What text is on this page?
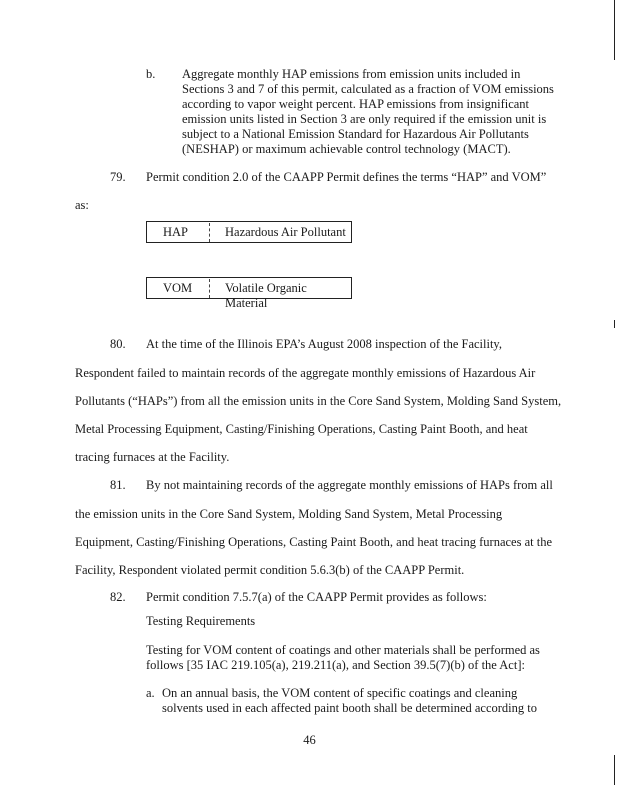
b. Aggregate monthly HAP emissions from emission units included in
Sections 3 and 7 of this permit, calculated as a fraction of VOM emissions
according to vapor weight percent. HAP emissions from insignificant
emission units listed in Section 3 are only required if the emission unit is
subject to a National Emission Standard for Hazardous Air Pollutants
(NESHAP) or maximum achievable control technology (MACT).
79. Permit condition 2.0 of the CAAPP Permit defines the terms “HAP” and VOM”
as:
HAP	Hazardous Air Pollutant
VOM	Volatile Organic Material
80. At the time of the Illinois EPA’s August 2008 inspection of the Facility,
Respondent failed to maintain records of the aggregate monthly emissions of Hazardous Air
Pollutants (“HAPs”) from all the emission units in the Core Sand System, Molding Sand System,
Metal Processing Equipment, Casting/Finishing Operations, Casting Paint Booth, and heat
tracing furnaces at the Facility.
81. By not maintaining records of the aggregate monthly emissions of HAPs from all
the emission units in the Core Sand System, Molding Sand System, Metal Processing
Equipment, Casting/Finishing Operations, Casting Paint Booth, and heat tracing furnaces at the
Facility, Respondent violated permit condition 5.6.3(b) of the CAAPP Permit.
82. Permit condition 7.5.7(a) of the CAAPP Permit provides as follows:
Testing Requirements
Testing for VOM content of coatings and other materials shall be performed as
follows [35 IAC 219.105(a), 219.211(a), and Section 39.5(7)(b) of the Act]:
a. On an annual basis, the VOM content of specific coatings and cleaning
solvents used in each affected paint booth shall be determined according to
46
